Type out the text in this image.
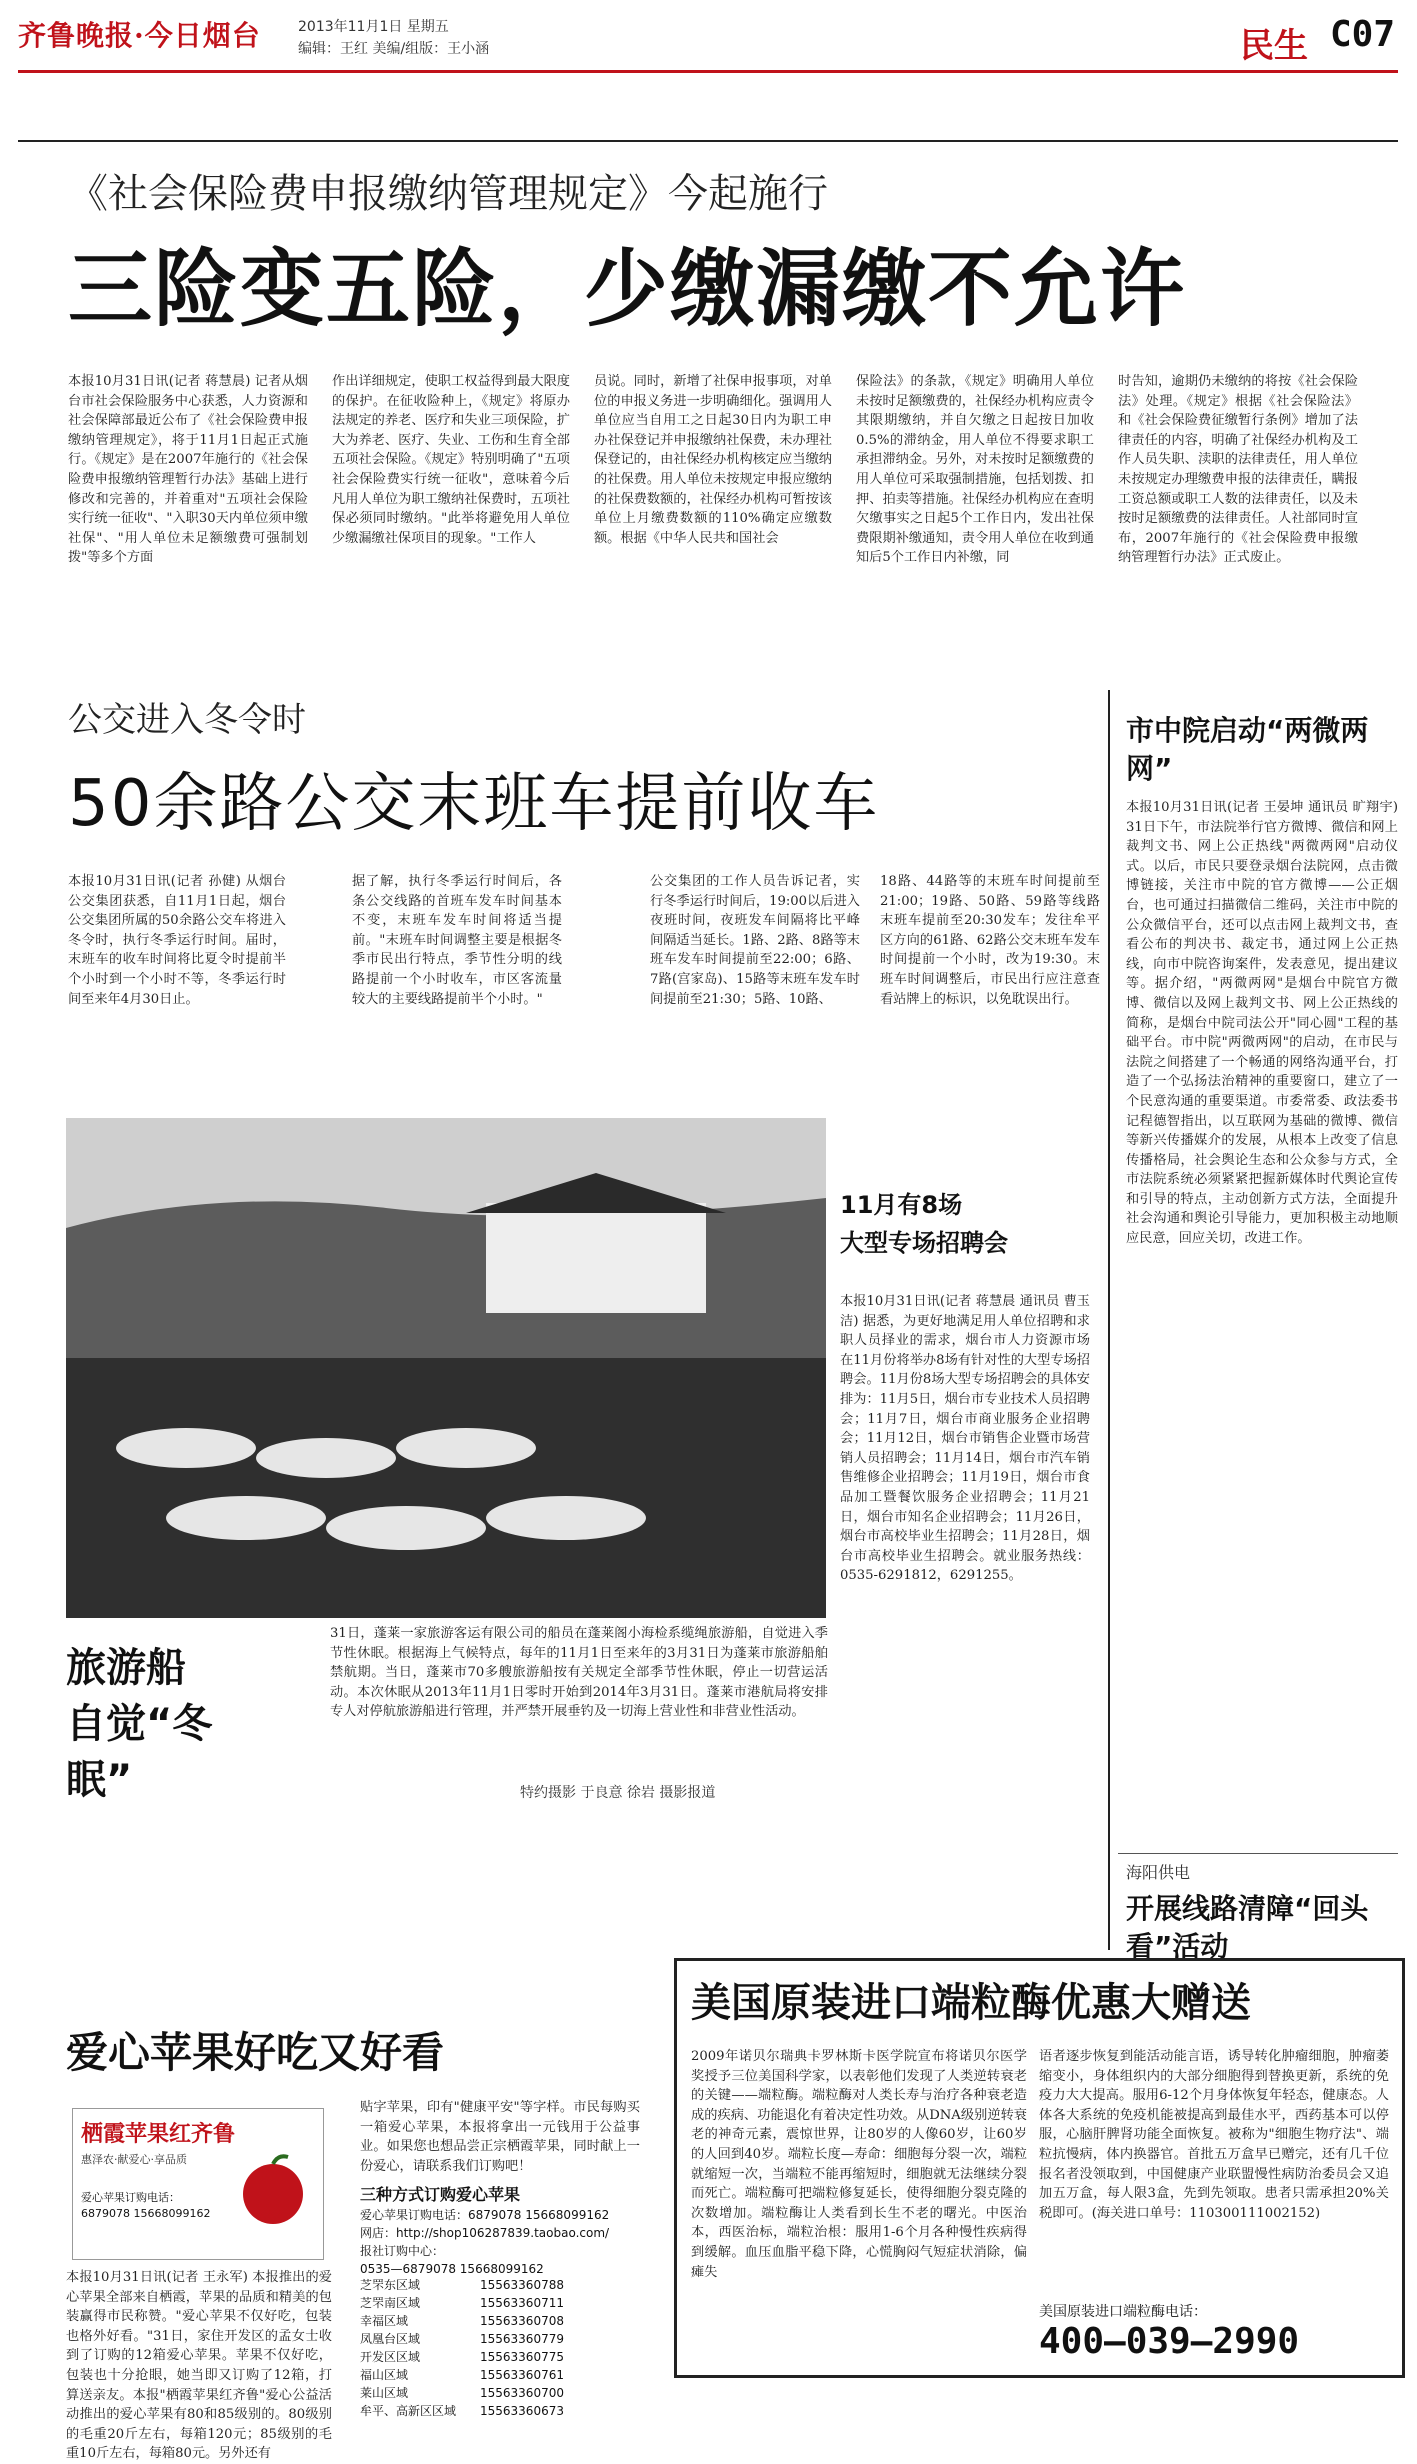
齐鲁晚报·今日烟台	2013年11月1日 星期五
编辑：王红 美编/组版：王小涵	民生 C07
《社会保险费申报缴纳管理规定》今起施行
三险变五险，少缴漏缴不允许
本报10月31日讯(记者 蒋慧晨) 记者从烟台市社会保险服务中心获悉，人力资源和社会保障部最近公布了《社会保险费申报缴纳管理规定》，将于11月1日起正式施行。《规定》是在2007年施行的《社会保险费申报缴纳管理暂行办法》基础上进行修改和完善的，并着重对"五项社会保险实行统一征收"、"入职30天内单位须申缴社保"、"用人单位未足额缴费可强制划拨"等多个方面
作出详细规定，使职工权益得到最大限度的保护。在征收险种上，《规定》将原办法规定的养老、医疗和失业三项保险，扩大为养老、医疗、失业、工伤和生育全部五项社会保险。《规定》特别明确了"五项社会保险费实行统一征收"，意味着今后凡用人单位为职工缴纳社保费时，五项社保必须同时缴纳。"此举将避免用人单位少缴漏缴社保项目的现象。"工作人
员说。同时，新增了社保申报事项，对单位的申报义务进一步明确细化。强调用人单位应当自用工之日起30日内为职工申办社保登记并申报缴纳社保费，未办理社保登记的，由社保经办机构核定应当缴纳的社保费。用人单位未按规定申报应缴纳的社保费数额的，社保经办机构可暂按该单位上月缴费数额的110%确定应缴数额。根据《中华人民共和国社会
保险法》的条款，《规定》明确用人单位未按时足额缴费的，社保经办机构应责令其限期缴纳，并自欠缴之日起按日加收0.5%的滞纳金，用人单位不得要求职工承担滞纳金。另外，对未按时足额缴费的用人单位可采取强制措施，包括划拨、扣押、拍卖等措施。社保经办机构应在查明欠缴事实之日起5个工作日内，发出社保费限期补缴通知，责令用人单位在收到通知后5个工作日内补缴，同
时告知，逾期仍未缴纳的将按《社会保险法》处理。《规定》根据《社会保险法》和《社会保险费征缴暂行条例》增加了法律责任的内容，明确了社保经办机构及工作人员失职、渎职的法律责任，用人单位未按规定办理缴费申报的法律责任，瞒报工资总额或职工人数的法律责任，以及未按时足额缴费的法律责任。人社部同时宣布，2007年施行的《社会保险费申报缴纳管理暂行办法》正式废止。
公交进入冬令时
50余路公交末班车提前收车
本报10月31日讯(记者 孙健) 从烟台公交集团获悉，自11月1日起，烟台公交集团所属的50余路公交车将进入冬令时，执行冬季运行时间。届时，末班车的收车时间将比夏令时提前半个小时到一个小时不等，冬季运行时间至来年4月30日止。
据了解，执行冬季运行时间后，各条公交线路的首班车发车时间基本不变，末班车发车时间将适当提前。"末班车时间调整主要是根据冬季市民出行特点，季节性分明的线路提前一个小时收车，市区客流量较大的主要线路提前半个小时。"
公交集团的工作人员告诉记者，实行冬季运行时间后，19:00以后进入夜班时间，夜班发车间隔将比平峰间隔适当延长。1路、2路、8路等末班车发车时间提前至22:00；6路、7路(宫家岛)、15路等末班车发车时间提前至21:30；5路、10路、
18路、44路等的末班车时间提前至21:00；19路、50路、59路等线路末班车提前至20:30发车；发往牟平区方向的61路、62路公交末班车发车时间提前一个小时，改为19:30。末班车时间调整后，市民出行应注意查看站牌上的标识，以免耽误出行。
市中院启动“两微两网”
本报10月31日讯(记者 王晏坤 通讯员 旷翔宇) 31日下午，市法院举行官方微博、微信和网上裁判文书、网上公正热线"两微两网"启动仪式。以后，市民只要登录烟台法院网，点击微博链接，关注市中院的官方微博——公正烟台，也可通过扫描微信二维码，关注市中院的公众微信平台，还可以点击网上裁判文书，查看公布的判决书、裁定书，通过网上公正热线，向市中院咨询案件，发表意见，提出建议等。据介绍，"两微两网"是烟台中院官方微博、微信以及网上裁判文书、网上公正热线的简称，是烟台中院司法公开"同心圆"工程的基础平台。市中院"两微两网"的启动，在市民与法院之间搭建了一个畅通的网络沟通平台，打造了一个弘扬法治精神的重要窗口，建立了一个民意沟通的重要渠道。市委常委、政法委书记程德智指出，以互联网为基础的微博、微信等新兴传播媒介的发展，从根本上改变了信息传播格局，社会舆论生态和公众参与方式，全市法院系统必须紧紧把握新媒体时代舆论宣传和引导的特点，主动创新方式方法，全面提升社会沟通和舆论引导能力，更加积极主动地顺应民意，回应关切，改进工作。
海阳供电
开展线路清障“回头看”活动
旅游船
自觉“冬眠”
31日，蓬莱一家旅游客运有限公司的船员在蓬莱阁小海检系缆绳旅游船，自觉进入季节性休眠。根据海上气候特点，每年的11月1日至来年的3月31日为蓬莱市旅游船舶禁航期。当日，蓬莱市70多艘旅游船按有关规定全部季节性休眠，停止一切营运活动。本次休眠从2013年11月1日零时开始到2014年3月31日。蓬莱市港航局将安排专人对停航旅游船进行管理，并严禁开展垂钓及一切海上营业性和非营业性活动。
特约摄影 于良意 徐岩 摄影报道
11月有8场
大型专场招聘会
本报10月31日讯(记者 蒋慧晨 通讯员 曹玉洁) 据悉，为更好地满足用人单位招聘和求职人员择业的需求，烟台市人力资源市场在11月份将举办8场有针对性的大型专场招聘会。11月份8场大型专场招聘会的具体安排为：11月5日，烟台市专业技术人员招聘会；11月7日，烟台市商业服务企业招聘会；11月12日，烟台市销售企业暨市场营销人员招聘会；11月14日，烟台市汽车销售维修企业招聘会；11月19日，烟台市食品加工暨餐饮服务企业招聘会；11月21日，烟台市知名企业招聘会；11月26日，烟台市高校毕业生招聘会；11月28日，烟台市高校毕业生招聘会。就业服务热线：0535-6291812，6291255。
爱心苹果好吃又好看
栖霞苹果红齐鲁
惠泽农·献爱心·享品质
爱心苹果订购电话：
6879078 15668099162
本报10月31日讯(记者 王永军) 本报推出的爱心苹果全部来自栖霞，苹果的品质和精美的包装赢得市民称赞。"爱心苹果不仅好吃，包装也格外好看。"31日，家住开发区的孟女士收到了订购的12箱爱心苹果。苹果不仅好吃，包装也十分抢眼，她当即又订购了12箱，打算送亲友。本报"栖霞苹果红齐鲁"爱心公益活动推出的爱心苹果有80和85级别的。80级别的毛重20斤左右，每箱120元；85级别的毛重10斤左右，每箱80元。另外还有
贴字苹果，印有"健康平安"等字样。市民每购买一箱爱心苹果，本报将拿出一元钱用于公益事业。如果您也想品尝正宗栖霞苹果，同时献上一份爱心，请联系我们订购吧！
三种方式订购爱心苹果
爱心苹果订购电话：6879078 15668099162
网店：http://shop106287839.taobao.com/
报社订购中心：
0535—6879078 15668099162
芝罘东区域	15563360788
芝罘南区域	15563360711
幸福区域	15563360708
凤凰台区域	15563360779
开发区区域	15563360775
福山区域	15563360761
莱山区域	15563360700
牟平、高新区区域 15563360673
美国原装进口端粒酶优惠大赠送
2009年诺贝尔瑞典卡罗林斯卡医学院宣布将诺贝尔医学奖授予三位美国科学家，以表彰他们发现了人类逆转衰老的关键——端粒酶。端粒酶对人类长寿与治疗各种衰老造成的疾病、功能退化有着决定性功效。从DNA级别逆转衰老的神奇元素，震惊世界，让80岁的人像60岁，让60岁的人回到40岁。端粒长度—寿命：细胞每分裂一次，端粒就缩短一次，当端粒不能再缩短时，细胞就无法继续分裂而死亡。端粒酶可把端粒修复延长，使得细胞分裂克隆的次数增加。端粒酶让人类看到长生不老的曙光。中医治本，西医治标，端粒治根：服用1-6个月各种慢性疾病得到缓解。血压血脂平稳下降，心慌胸闷气短症状消除，偏瘫失
语者逐步恢复到能活动能言语，诱导转化肿瘤细胞，肿瘤萎缩变小，身体组织内的大部分细胞得到替换更新，系统的免疫力大大提高。服用6-12个月身体恢复年轻态，健康态。人体各大系统的免疫机能被提高到最佳水平，西药基本可以停服，心脑肝脾肾功能全面恢复。被称为"细胞生物疗法"、端粒抗慢病，体内换器官。首批五万盒早已赠完，还有几千位报名者没领取到，中国健康产业联盟慢性病防治委员会又追加五万盒，每人限3盒，先到先领取。患者只需承担20%关税即可。(海关进口单号：110300111002152)
美国原装进口端粒酶电话：
400—039—2990
